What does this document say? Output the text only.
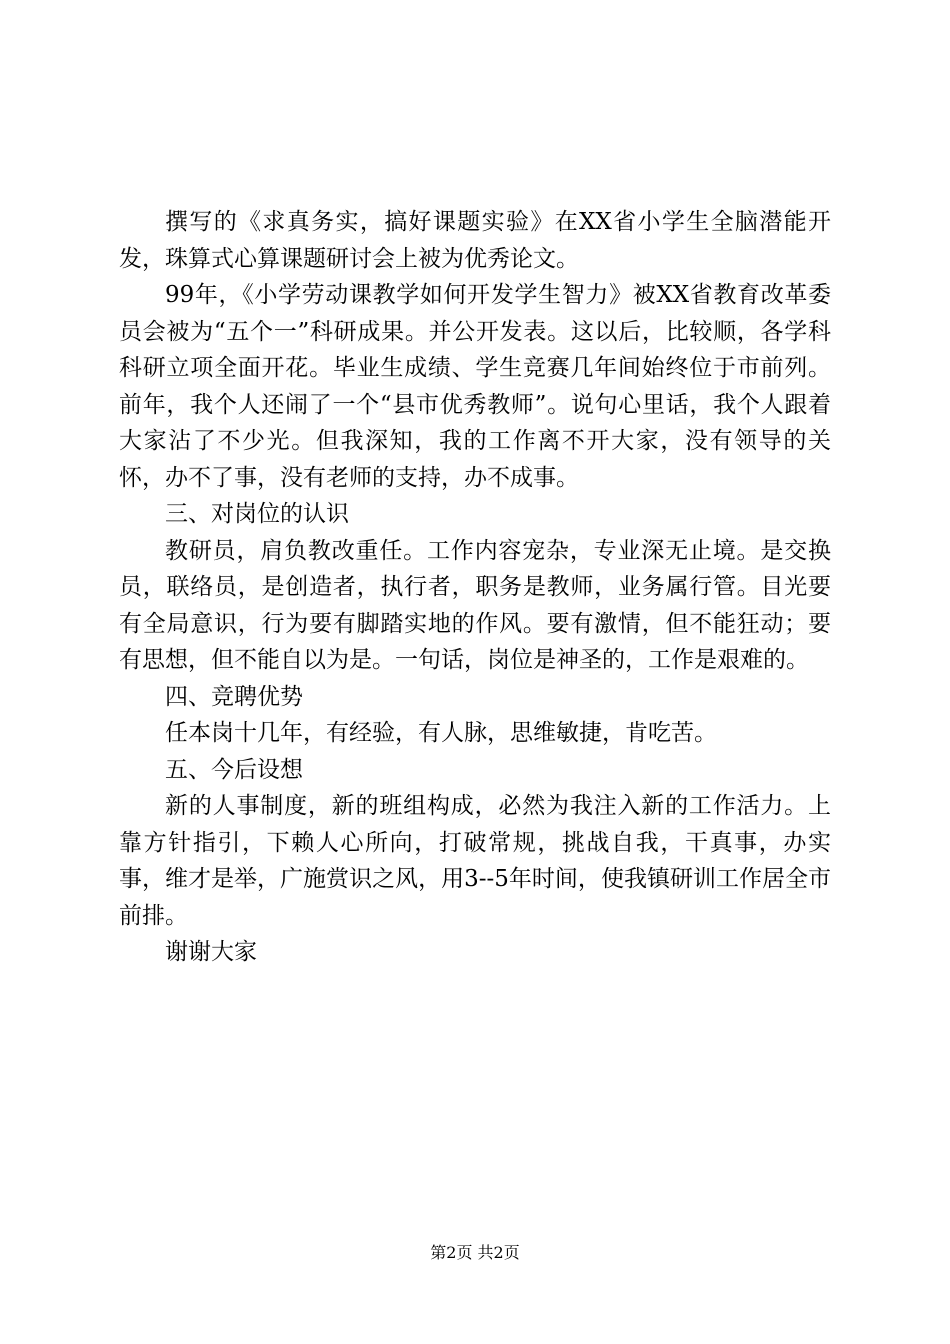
撰写的《求真务实，搞好课题实验》在XX省小学生全脑潜能开发，珠算式心算课题研讨会上被为优秀论文。

99年，《小学劳动课教学如何开发学生智力》被XX省教育改革委员会被为“五个一”科研成果。并公开发表。这以后，比较顺，各学科科研立项全面开花。毕业生成绩、学生竞赛几年间始终位于市前列。前年，我个人还闹了一个“县市优秀教师”。说句心里话，我个人跟着大家沾了不少光。但我深知，我的工作离不开大家，没有领导的关怀，办不了事，没有老师的支持，办不成事。

三、对岗位的认识

教研员，肩负教改重任。工作内容宠杂，专业深无止境。是交换员，联络员，是创造者，执行者，职务是教师，业务属行管。目光要有全局意识，行为要有脚踏实地的作风。要有激情，但不能狂动；要有思想，但不能自以为是。一句话，岗位是神圣的，工作是艰难的。

四、竞聘优势

任本岗十几年，有经验，有人脉，思维敏捷，肯吃苦。

五、今后设想

新的人事制度，新的班组构成，必然为我注入新的工作活力。上靠方针指引，下赖人心所向，打破常规，挑战自我，干真事，办实事，维才是举，广施赏识之风，用3--5年时间，使我镇研训工作居全市前排。

谢谢大家

第2页 共2页
